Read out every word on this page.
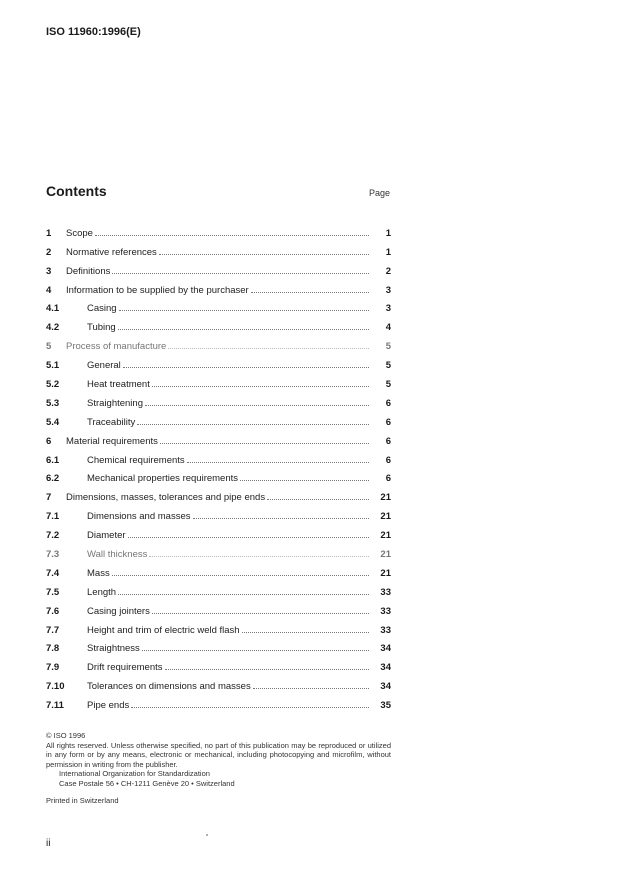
ISO 11960:1996(E)
Contents	Page
1	Scope	1
2	Normative references	1
3	Definitions	2
4	Information to be supplied by the purchaser	3
4.1	Casing	3
4.2	Tubing	4
5	Process of manufacture	5
5.1	General	5
5.2	Heat treatment	5
5.3	Straightening	6
5.4	Traceability	6
6	Material requirements	6
6.1	Chemical requirements	6
6.2	Mechanical properties requirements	6
7	Dimensions, masses, tolerances and pipe ends	21
7.1	Dimensions and masses	21
7.2	Diameter	21
7.3	Wall thickness	21
7.4	Mass	21
7.5	Length	33
7.6	Casing jointers	33
7.7	Height and trim of electric weld flash	33
7.8	Straightness	34
7.9	Drift requirements	34
7.10	Tolerances on dimensions and masses	34
7.11	Pipe ends	35
© ISO 1996
All rights reserved. Unless otherwise specified, no part of this publication may be reproduced or utilized in any form or by any means, electronic or mechanical, including photocopying and microfilm, without permission in writing from the publisher.
International Organization for Standardization
Case Postale 56 • CH-1211 Genève 20 • Switzerland
Printed in Switzerland
ii
